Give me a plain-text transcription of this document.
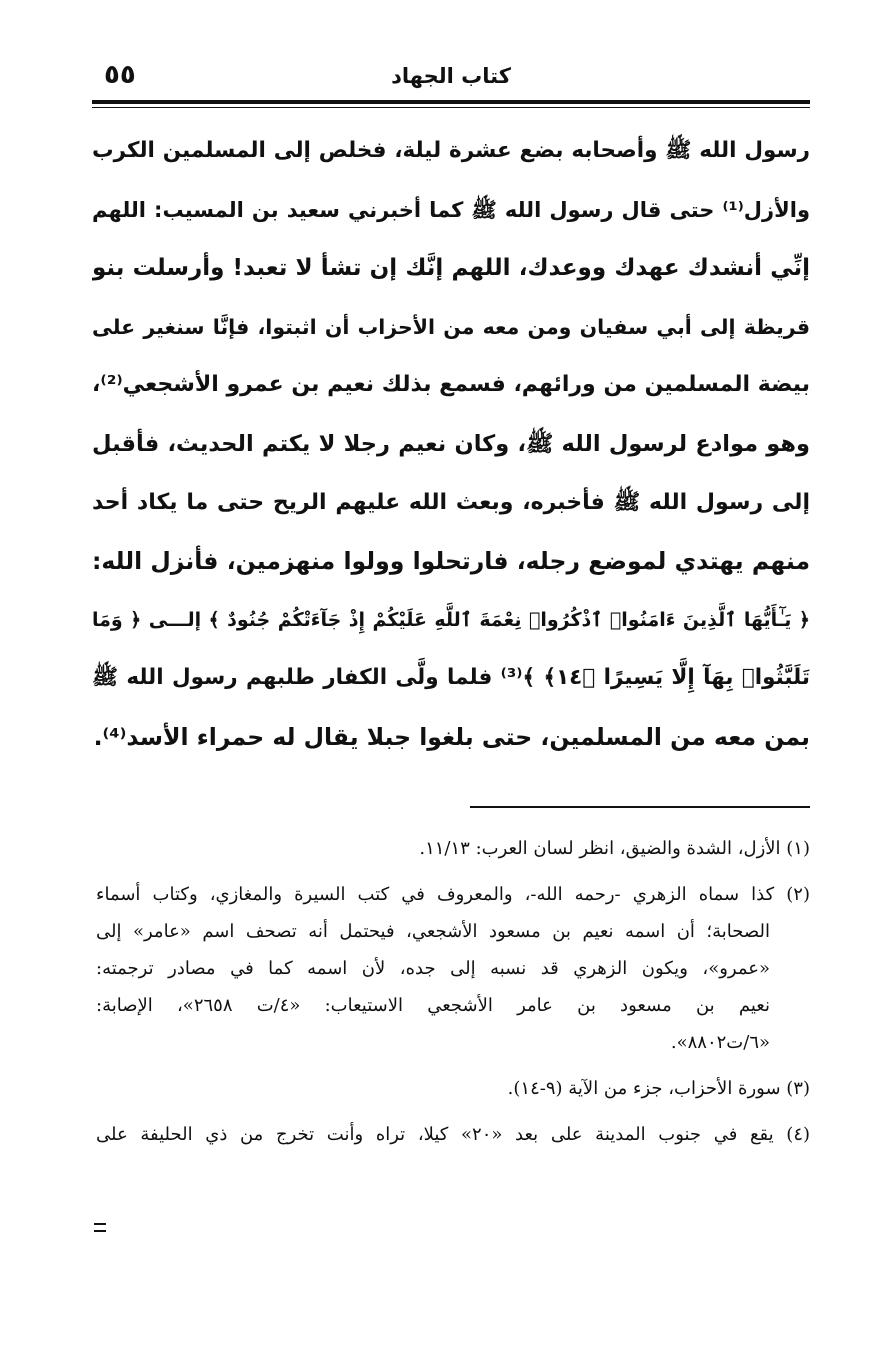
كتاب الجهاد
٥٥
رسول الله ﷺ وأصحابه بضع عشرة ليلة، فخلص إلى المسلمين الكرب
والأزل⁽¹⁾ حتى قال رسول الله ﷺ كما أخبرني سعيد بن المسيب: اللهم
إنِّي أنشدك عهدك ووعدك، اللهم إنَّك إن تشأ لا تعبد! وأرسلت بنو
قريظة إلى أبي سفيان ومن معه من الأحزاب أن اثبتوا، فإنَّا سنغير على
بيضة المسلمين من ورائهم، فسمع بذلك نعيم بن عمرو الأشجعي⁽²⁾،
وهو موادع لرسول الله ﷺ، وكان نعيم رجلا لا يكتم الحديث، فأقبل
إلى رسول الله ﷺ فأخبره، وبعث الله عليهم الريح حتى ما يكاد أحد
منهم يهتدي لموضع رجله، فارتحلوا وولوا منهزمين، فأنزل الله:
﴿ يَـٰٓأَيُّهَا ٱلَّذِينَ ءَامَنُوا۟ ٱذْكُرُوا۟ نِعْمَةَ ٱللَّهِ عَلَيْكُمْ إِذْ جَآءَتْكُمْ جُنُودٌ ﴾ إلـــى ﴿ وَمَا
تَلَبَّثُوا۟ بِهَآ إِلَّا يَسِيرًا ﴿١٤﴾ ﴾⁽³⁾ فلما ولَّى الكفار طلبهم رسول الله ﷺ
بمن معه من المسلمين، حتى بلغوا جبلا يقال له حمراء الأسد⁽⁴⁾.
(١) الأزل، الشدة والضيق، انظر لسان العرب: ١١/١٣.
(٢) كذا سماه الزهري -رحمه الله-، والمعروف في كتب السيرة والمغازي، وكتاب أسماء
الصحابة؛ أن اسمه نعيم بن مسعود الأشجعي، فيحتمل أنه تصحف اسم «عامر» إلى
«عمرو»، ويكون الزهري قد نسبه إلى جده، لأن اسمه كما في مصادر ترجمته:
نعيم بن مسعود بن عامر الأشجعي الاستيعاب: «٤/ت ٢٦٥٨»، الإصابة:
«٦/ت٨٨٠٢».
(٣) سورة الأحزاب، جزء من الآية (٩-١٤).
(٤) يقع في جنوب المدينة على بعد «٢٠» كيلا، تراه وأنت تخرج من ذي الحليفة على
